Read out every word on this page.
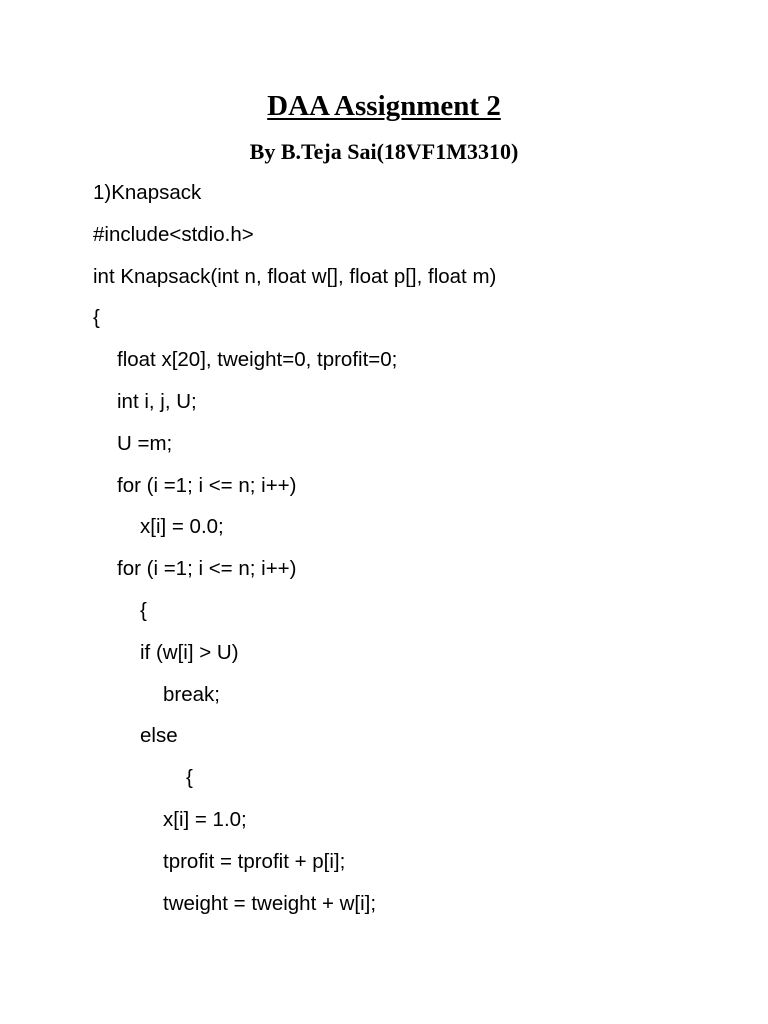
DAA Assignment 2
By B.Teja Sai(18VF1M3310)
1)Knapsack
#include<stdio.h>
int Knapsack(int n, float w[], float p[], float m)
{
float x[20], tweight=0, tprofit=0;
int i, j, U;
U =m;
for (i =1; i <= n; i++)
x[i] = 0.0;
for (i =1; i <= n; i++)
{
if (w[i] > U)
break;
else
{
x[i] = 1.0;
tprofit = tprofit + p[i];
tweight = tweight + w[i];
